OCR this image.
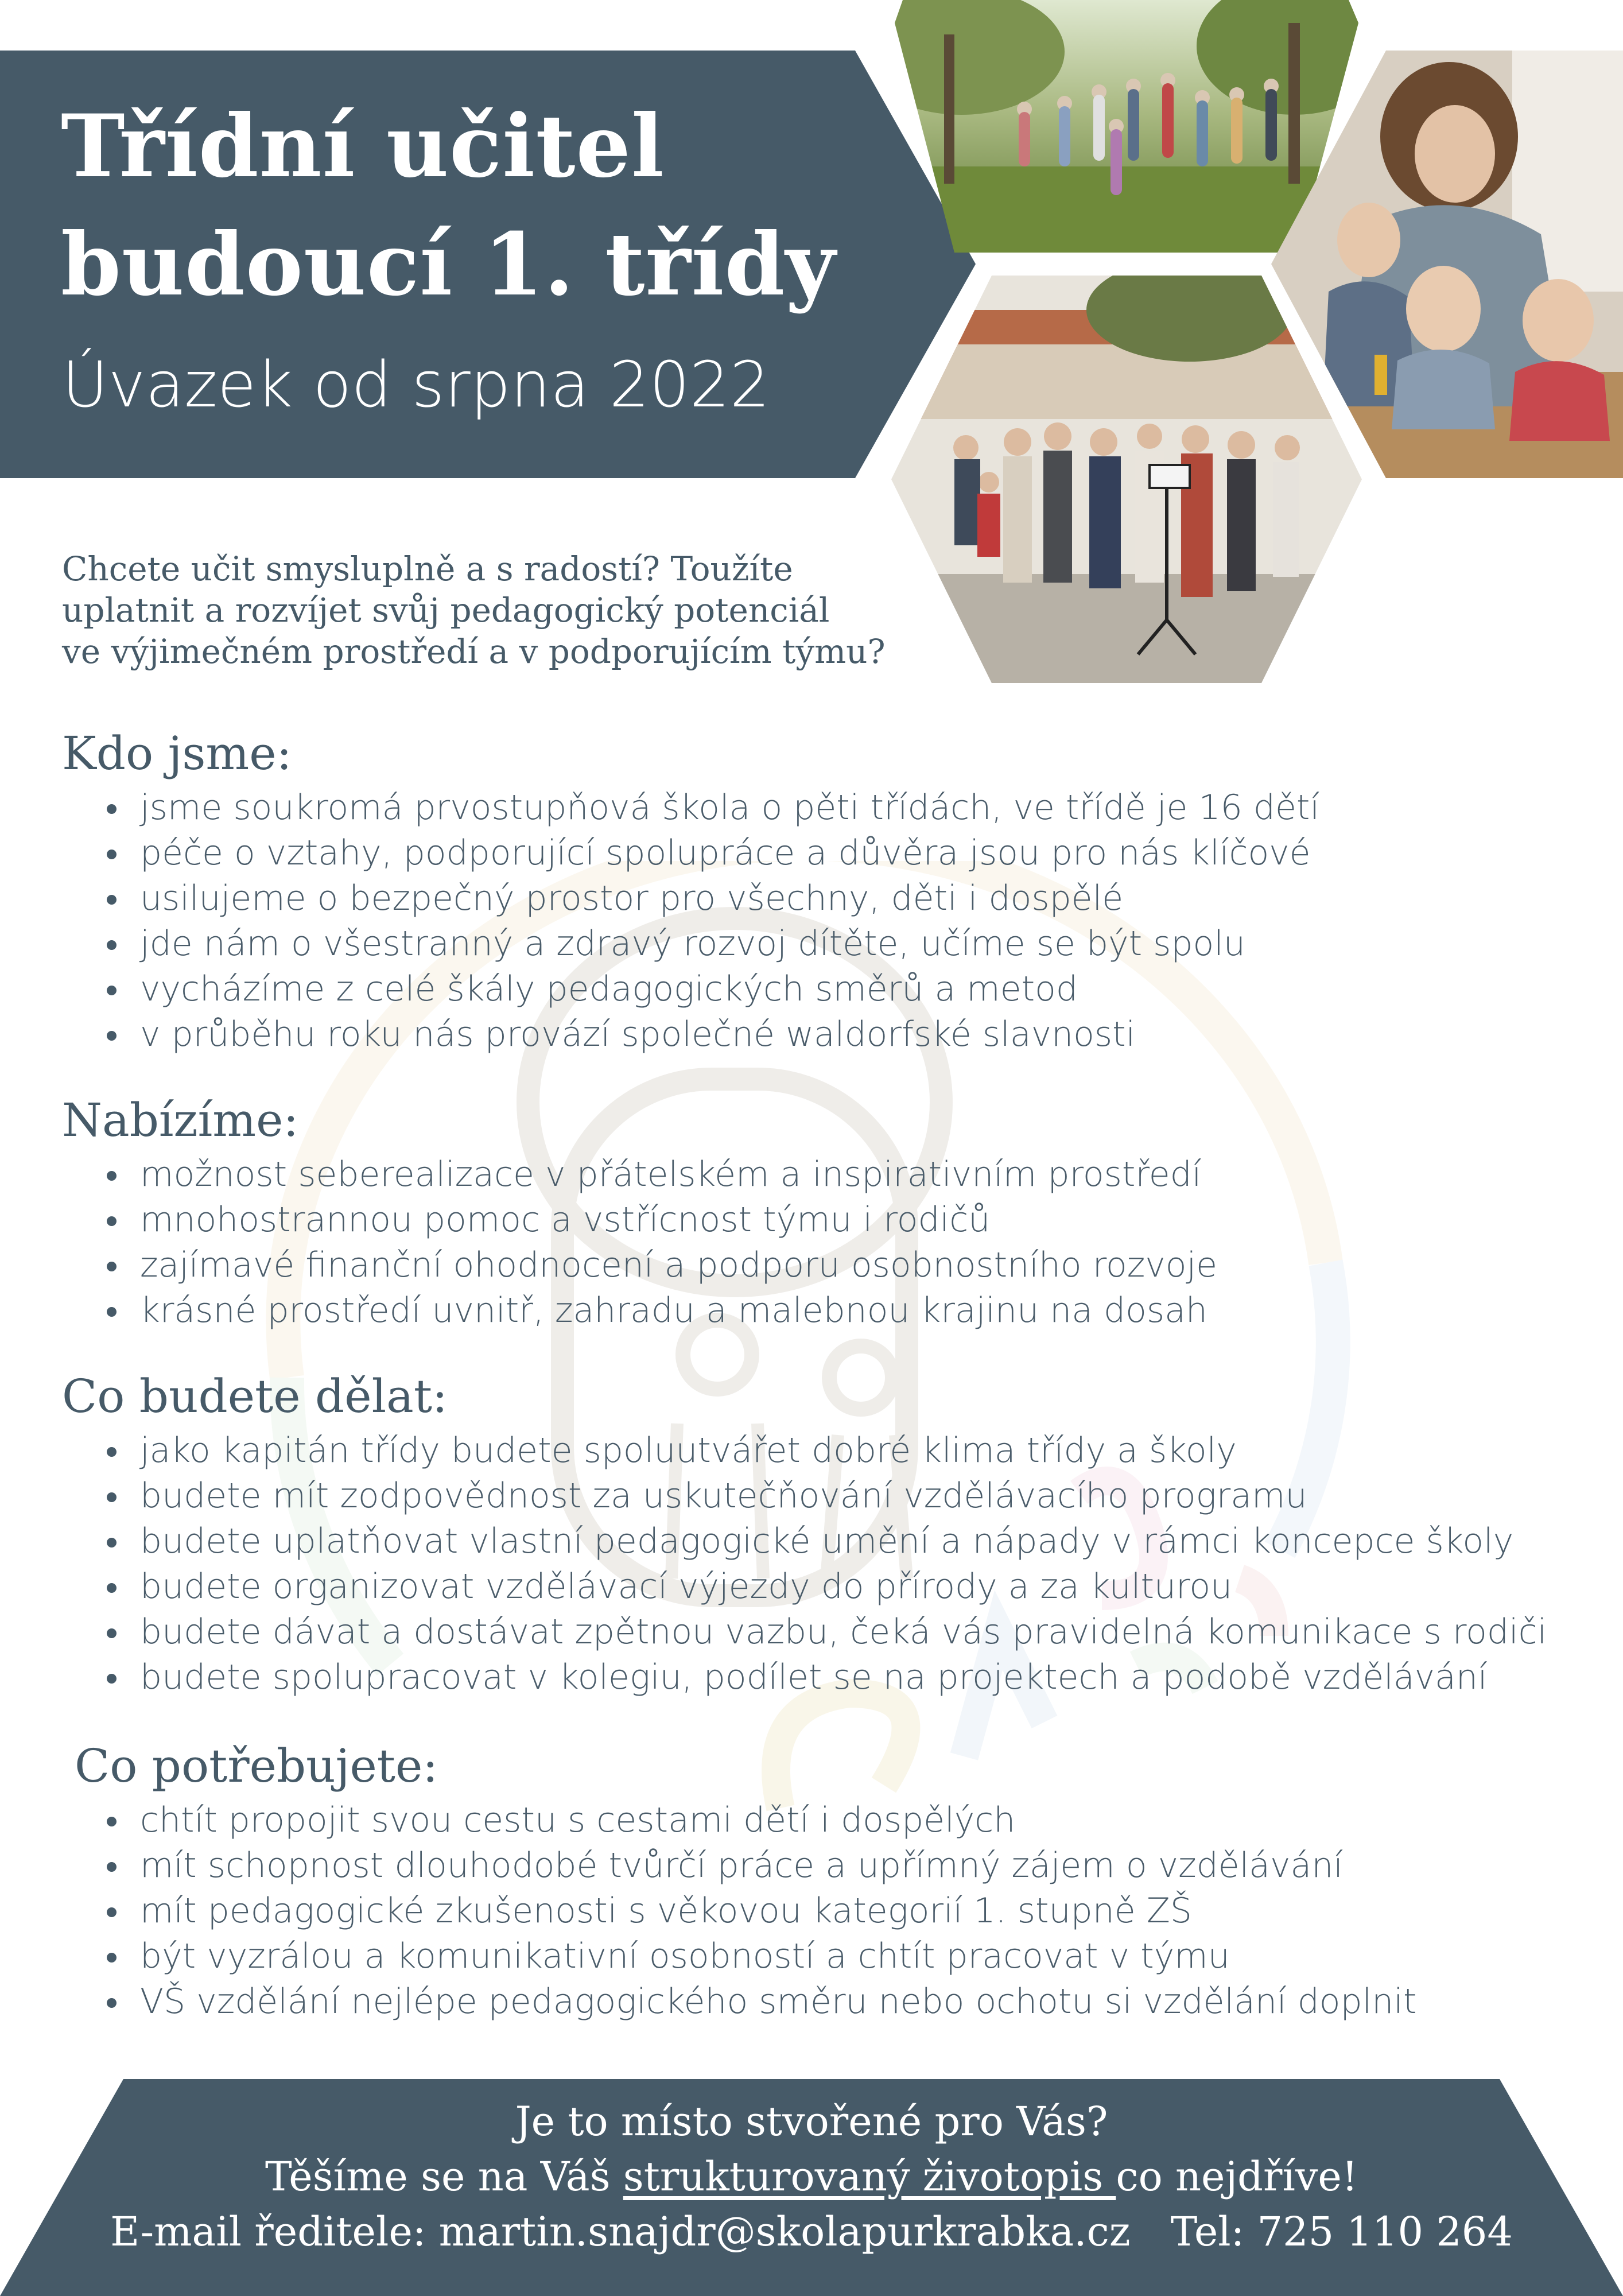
Třídní učitel
budoucí 1. třídy
Úvazek od srpna 2022

Chcete učit smysluplně a s radostí? Toužíte
uplatnit a rozvíjet svůj pedagogický potenciál
ve výjimečném prostředí a v podporujícím týmu?

Kdo jsme:
jsme soukromá prvostupňová škola o pěti třídách, ve třídě je 16 dětí
péče o vztahy, podporující spolupráce a důvěra jsou pro nás klíčové
usilujeme o bezpečný prostor pro všechny, děti i dospělé
jde nám o všestranný a zdravý rozvoj dítěte, učíme se být spolu
vycházíme z celé škály pedagogických směrů a metod
v průběhu roku nás provází společné waldorfské slavnosti
Nabízíme:
možnost seberealizace v přátelském a inspirativním prostředí
mnohostrannou pomoc a vstřícnost týmu i rodičů
zajímavé finanční ohodnocení a podporu osobnostního rozvoje
krásné prostředí uvnitř, zahradu a malebnou krajinu na dosah
Co budete dělat:
jako kapitán třídy budete spoluutvářet dobré klima třídy a školy
budete mít zodpovědnost za uskutečňování vzdělávacího programu
budete uplatňovat vlastní pedagogické umění a nápady v rámci koncepce školy
budete organizovat vzdělávací výjezdy do přírody a za kulturou
budete dávat a dostávat zpětnou vazbu, čeká vás pravidelná komunikace s rodiči
budete spolupracovat v kolegiu, podílet se na projektech a podobě vzdělávání
Co potřebujete:
chtít propojit svou cestu s cestami dětí i dospělých
mít schopnost dlouhodobé tvůrčí práce a upřímný zájem o vzdělávání
mít pedagogické zkušenosti s věkovou kategorií 1. stupně ZŠ
být vyzrálou a komunikativní osobností a chtít pracovat v týmu
VŠ vzdělání nejlépe pedagogického směru nebo ochotu si vzdělání doplnit
Je to místo stvořené pro Vás?
Těšíme se na Váš strukturovaný životopis co nejdříve!
E-mail ředitele: martin.snajdr@skolapurkrabka.cz Tel: 725 110 264
